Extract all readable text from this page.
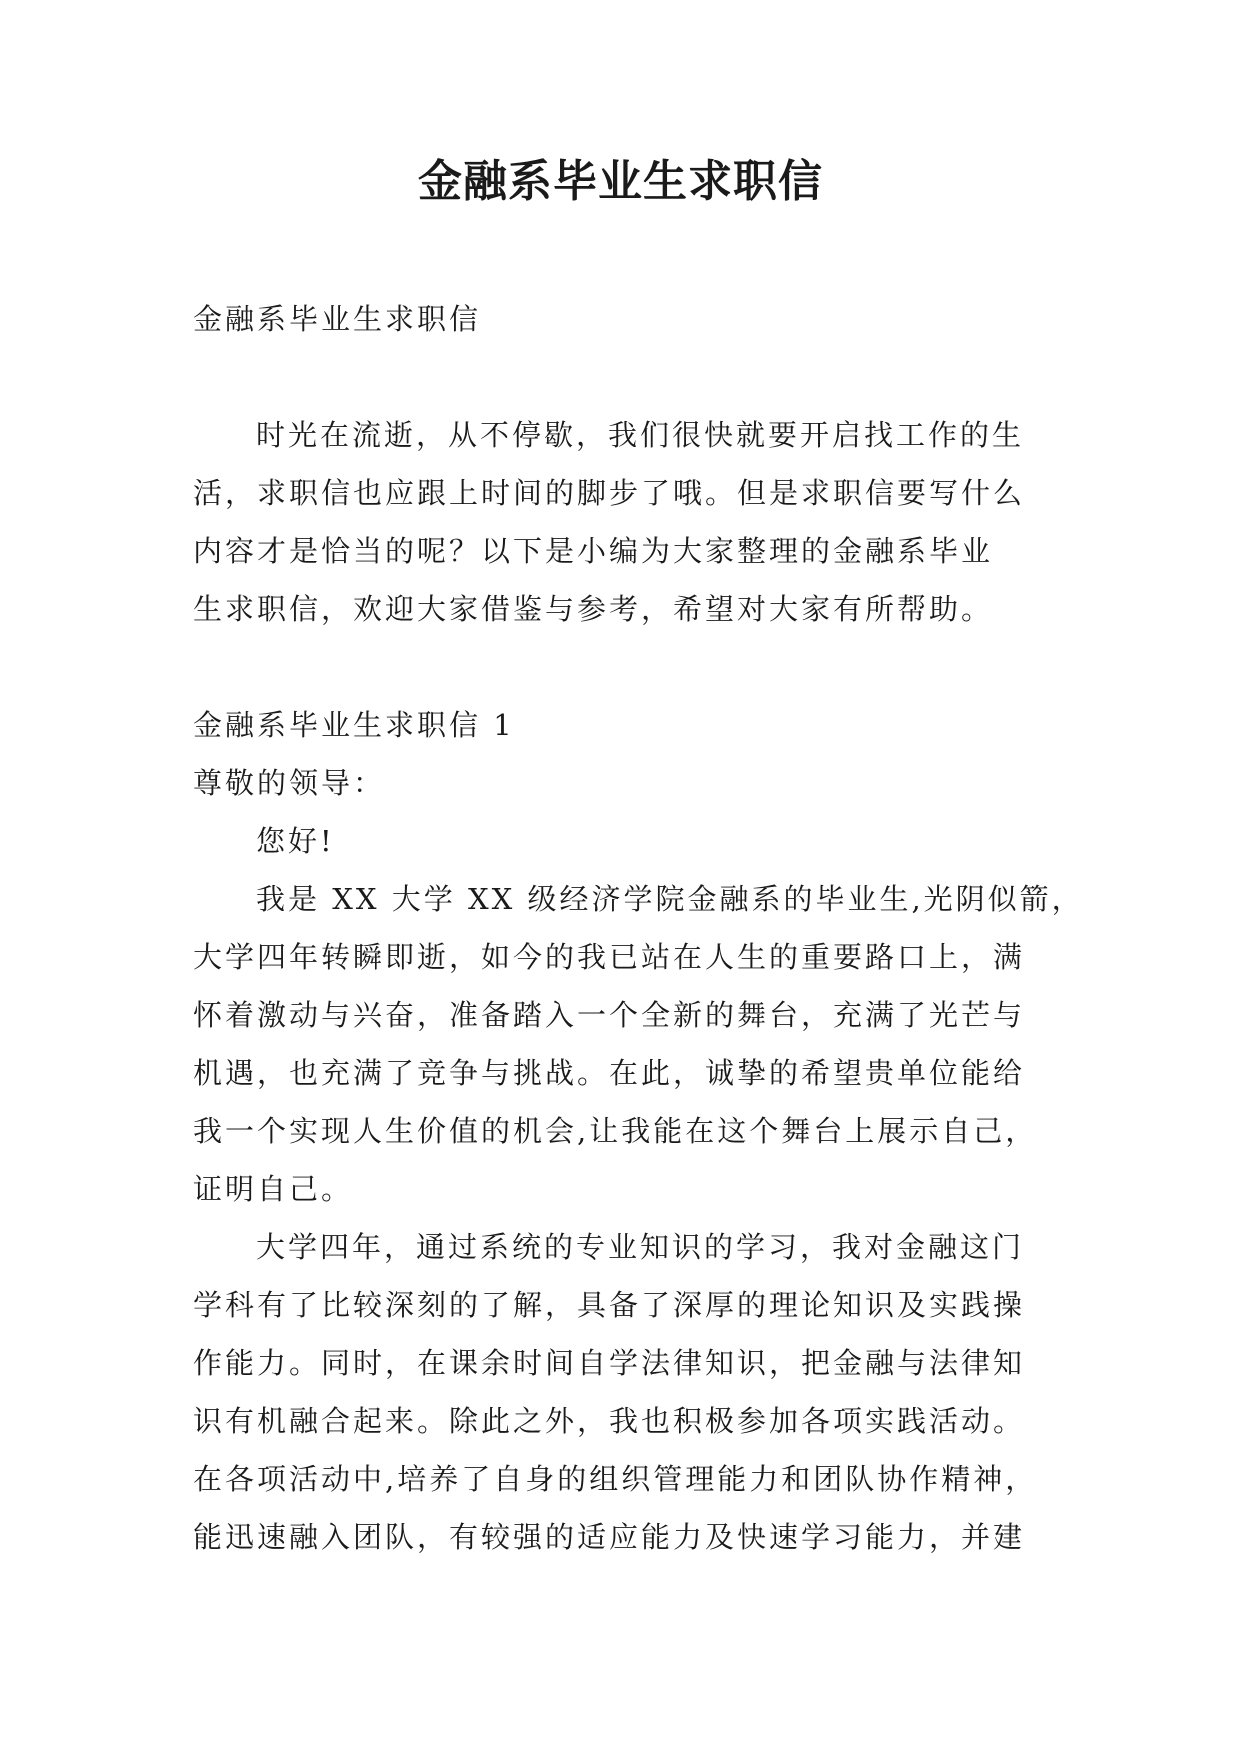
金融系毕业生求职信
金融系毕业生求职信
时光在流逝，从不停歇，我们很快就要开启找工作的生
活，求职信也应跟上时间的脚步了哦。但是求职信要写什么
内容才是恰当的呢？以下是小编为大家整理的金融系毕业
生求职信，欢迎大家借鉴与参考，希望对大家有所帮助。
金融系毕业生求职信 1
尊敬的领导：
您好!
我是 XX 大学 XX 级经济学院金融系的毕业生,光阴似箭，
大学四年转瞬即逝，如今的我已站在人生的重要路口上，满
怀着激动与兴奋，准备踏入一个全新的舞台，充满了光芒与
机遇，也充满了竞争与挑战。在此，诚挚的希望贵单位能给
我一个实现人生价值的机会,让我能在这个舞台上展示自己，
证明自己。
大学四年，通过系统的专业知识的学习，我对金融这门
学科有了比较深刻的了解，具备了深厚的理论知识及实践操
作能力。同时，在课余时间自学法律知识，把金融与法律知
识有机融合起来。除此之外，我也积极参加各项实践活动。
在各项活动中,培养了自身的组织管理能力和团队协作精神，
能迅速融入团队，有较强的适应能力及快速学习能力，并建
